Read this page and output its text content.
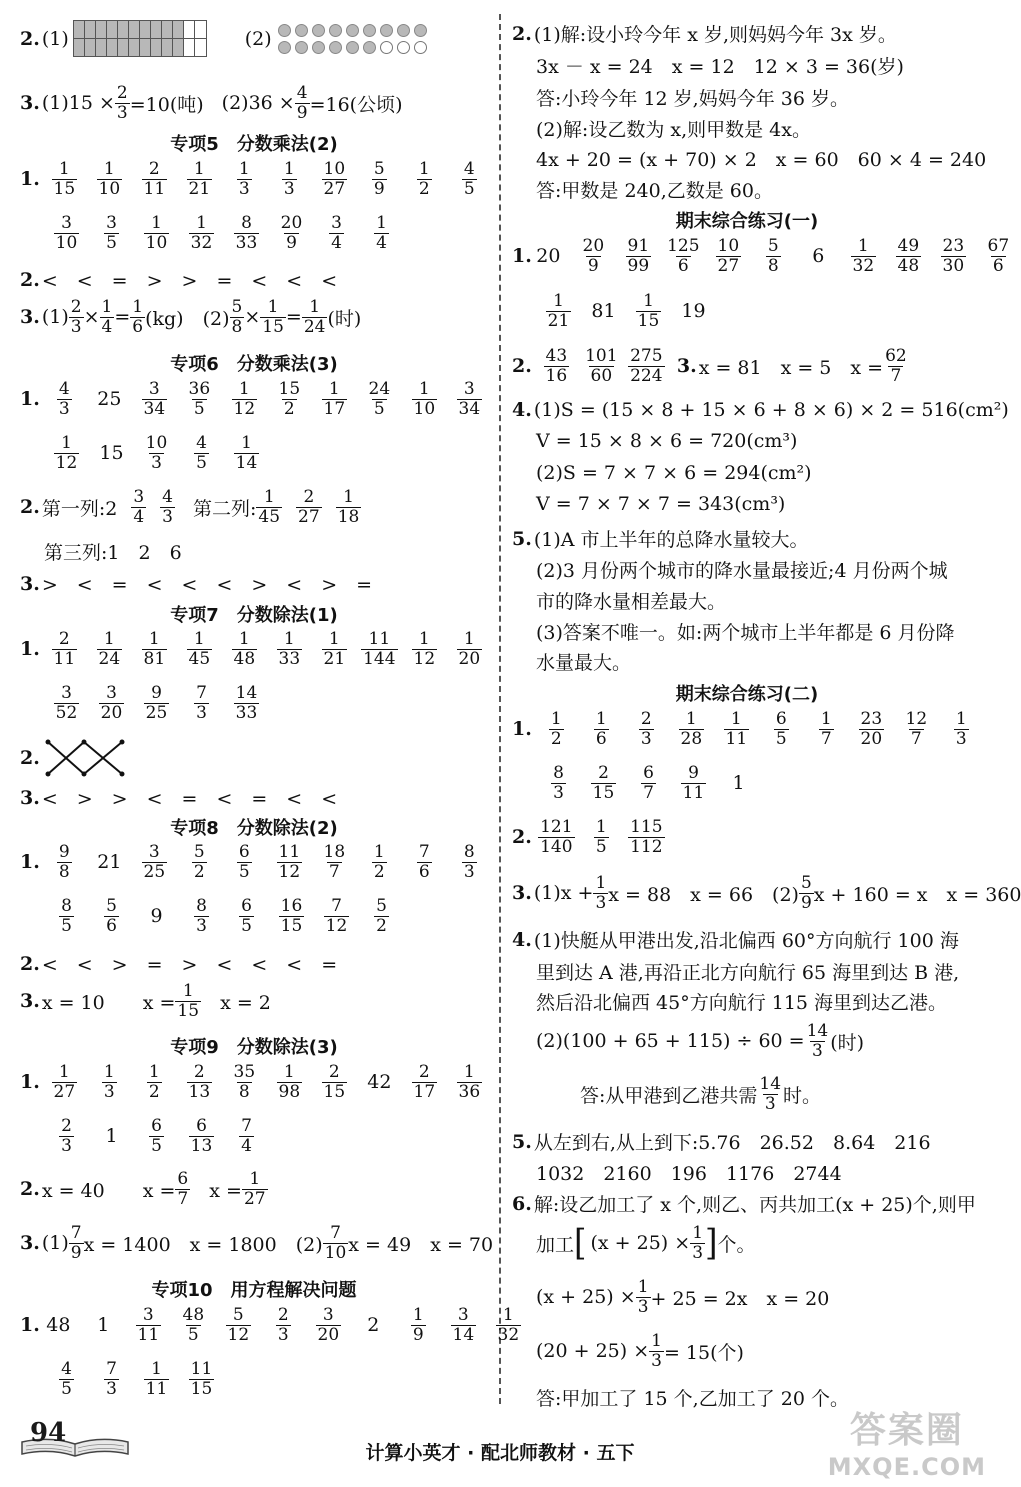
2. (1)	(2)
3. $(1)15 \times \frac{2}{3} =10$(吨) $(2)36 \times \frac{4}{9} =16$(公顷)
专项5　分数乘法(2)
1. $\frac{1}{15} \frac{1}{10} \frac{2}{11} \frac{1}{21} \frac{1}{3} \frac{1}{3} \frac{10}{27} \frac{5}{9} \frac{1}{2} \frac{4}{5}$
$\frac{3}{10} \frac{3}{5} \frac{1}{10} \frac{1}{32} \frac{8}{33} \frac{20}{9} \frac{3}{4} \frac{1}{4}$
2. <　<　=　>　>　=　<　<　<
3. $(1) \frac{2}{3} \times \frac{1}{4} = \frac{1}{6} (kg)$　$(2) \frac{5}{8} \times \frac{1}{15} = \frac{1}{24}$ (时)
专项6　分数乘法(3)
1. $\frac{4}{3} 25 \frac{3}{34} \frac{36}{5} \frac{1}{12} \frac{15}{2} \frac{1}{17} \frac{24}{5} \frac{1}{10} \frac{3}{34}$
$\frac{1}{12} 15 \frac{10}{3} \frac{4}{5} \frac{1}{14}$
2. 第一列:2 $\frac{3}{4} \frac{4}{3}$ 第二列: $\frac{1}{45} \frac{2}{27} \frac{1}{18}$
第三列:1　2　6
3. >　<　=　<　<　<　>　<　>　=
专项7　分数除法(1)
1. $\frac{2}{11} \frac{1}{24} \frac{1}{81} \frac{1}{45} \frac{1}{48} \frac{1}{33} \frac{1}{21} \frac{11}{144} \frac{1}{12} \frac{1}{20}$
$\frac{3}{52} \frac{3}{20} \frac{9}{25} \frac{7}{3} \frac{14}{33}$
2.
3. <　>　>　<　=　<　=　<　<
专项8　分数除法(2)
1. $\frac{9}{8} 21 \frac{3}{25} \frac{5}{2} \frac{6}{5} \frac{11}{12} \frac{18}{7} \frac{1}{2} \frac{7}{6} \frac{8}{3}$
$\frac{8}{5} \frac{5}{6} 9 \frac{8}{3} \frac{6}{5} \frac{16}{15} \frac{7}{12} \frac{5}{2}$
2. <　<　>　=　>　<　<　<　=
3. x = 10　　$x = \frac{1}{15}$ 　x = 2
专项9　分数除法(3)
1. $\frac{1}{27} \frac{1}{3} \frac{1}{2} \frac{2}{13} \frac{35}{8} \frac{1}{98} \frac{2}{15} 42 \frac{2}{17} \frac{1}{36}$
$\frac{2}{3} 1 \frac{6}{5} \frac{6}{13} \frac{7}{4}$
2. x = 40　　$x = \frac{6}{7}$ 　$x = \frac{1}{27}$
3. $(1) \frac{7}{9}$ x = 1400　x = 1800　$(2) \frac{7}{10}$ x = 49　x = 70
专项10　用方程解决问题
1. 48	$1 \frac{3}{11} \frac{48}{5} \frac{5}{12} \frac{2}{3} \frac{3}{20} 2 \frac{1}{9} \frac{3}{14} \frac{1}{32}$
$\frac{4}{5} \frac{7}{3} \frac{1}{11} \frac{11}{15}$
2. (1)解:设小玲今年 x 岁,则妈妈今年 3x 岁。
3x － x = 24　x = 12　12 × 3 = 36(岁)
答:小玲今年 12 岁,妈妈今年 36 岁。
(2)解:设乙数为 x,则甲数是 4x。
4x + 20 = (x + 70) × 2　x = 60　60 × 4 = 240
答:甲数是 240,乙数是 60。
期末综合练习(一)
1. $20 \frac{20}{9} \frac{91}{99} \frac{125}{6} \frac{10}{27} \frac{5}{8} 6 \frac{1}{32} \frac{49}{48} \frac{23}{30} \frac{67}{6}$
$\frac{1}{21} 81 \frac{1}{15} 19$
2. $\frac{43}{16} \frac{101}{60} \frac{275}{224} 3$. x = 81　x = 5　$x = \frac{62}{7}$
4. (1)S = (15 × 8 + 15 × 6 + 8 × 6) × 2 = 516(cm²)
V = 15 × 8 × 6 = 720(cm³)
(2)S = 7 × 7 × 6 = 294(cm²)
V = 7 × 7 × 7 = 343(cm³)
5. (1)A 市上半年的总降水量较大。
(2)3 月份两个城市的降水量最接近;4 月份两个城
市的降水量相差最大。
(3)答案不唯一。如:两个城市上半年都是 6 月份降
水量最大。
期末综合练习(二)
1. $\frac{1}{2} \frac{1}{6} \frac{2}{3} \frac{1}{28} \frac{1}{11} \frac{6}{5} \frac{1}{7} \frac{23}{20} \frac{12}{7} \frac{1}{3}$
$\frac{8}{3} \frac{2}{15} \frac{6}{7} \frac{9}{11} 1$
2. $\frac{121}{140} \frac{1}{5} \frac{115}{112}$
3. $(1)x + \frac{1}{3}$ x = 88　x = 66　$(2) \frac{5}{9}$ x + 160 = x　x = 360
4. (1)快艇从甲港出发,沿北偏西 60°方向航行 100 海
里到达 A 港,再沿正北方向航行 65 海里到达 B 港,
然后沿北偏西 45°方向航行 115 海里到达乙港。
$(2)(100 + 65 + 115) \div 60 = \frac{14}{3}$ (时)
答:从甲港到乙港共需 $\frac{14}{3}$ 时。
5. 从左到右,从上到下:5.76　26.52　8.64　216
1032　2160　196　1176　2744
6. 解:设乙加工了 x 个,则乙、丙共加工(x + 25)个,则甲
加工 [ $(x + 25) \times \frac{1}{3}$ ] 个。
$(x + 25) \times \frac{1}{3} + 25 = 2x$　x = 20
$(20 + 25) \times \frac{1}{3} = 15$(个)
答:甲加工了 15 个,乙加工了 20 个。
94
计算小英才 · 配北师教材 · 五下
答案圈
MXQE.COM
